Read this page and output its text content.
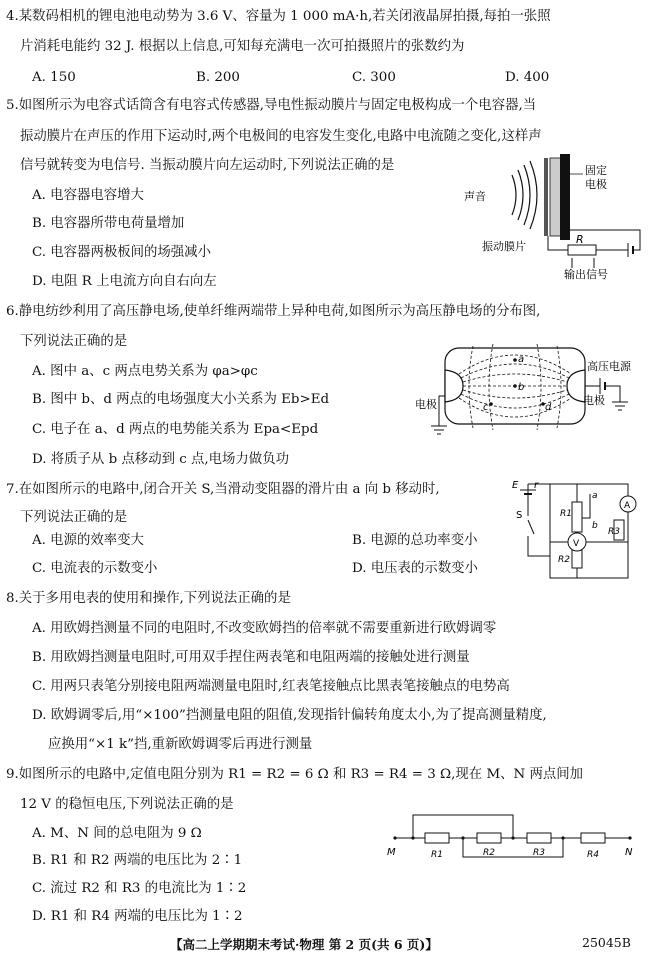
4.某数码相机的锂电池电动势为 3.6 V、容量为 1 000 mA·h,若关闭液晶屏拍摄,每拍一张照
片消耗电能约 32 J. 根据以上信息,可知每充满电一次可拍摄照片的张数约为
A. 150	B. 200	C. 300	D. 400
5.如图所示为电容式话筒含有电容式传感器,导电性振动膜片与固定电极构成一个电容器,当
振动膜片在声压的作用下运动时,两个电极间的电容发生变化,电路中电流随之变化,这样声
信号就转变为电信号. 当振动膜片向左运动时,下列说法正确的是
A. 电容器电容增大
B. 电容器所带电荷量增加
C. 电容器两极板间的场强减小
D. 电阻 R 上电流方向自右向左
声音
固定
电极
R
振动膜片
输出信号
6.静电纺纱利用了高压静电场,使单纤维两端带上异种电荷,如图所示为高压静电场的分布图,
下列说法正确的是
A. 图中 a、c 两点电势关系为 φa>φc
B. 图中 b、d 两点的电场强度大小关系为 Eb>Ed
C. 电子在 a、d 两点的电势能关系为 Epa<Epd
D. 将质子从 b 点移动到 c 点,电场力做负功
a
b
c	d
电极	电极
高压电源
7.在如图所示的电路中,闭合开关 S,当滑动变阻器的滑片由 a 向 b 移动时,
下列说法正确的是
A. 电源的效率变大	B. 电源的总功率变小
C. 电流表的示数变小	D. 电压表的示数变小
E r
S	R1
a
b
A
V
R2
R3
8.关于多用电表的使用和操作,下列说法正确的是
A. 用欧姆挡测量不同的电阻时,不改变欧姆挡的倍率就不需要重新进行欧姆调零
B. 用欧姆挡测量电阻时,可用双手捏住两表笔和电阻两端的接触处进行测量
C. 用两只表笔分别接电阻两端测量电阻时,红表笔接触点比黑表笔接触点的电势高
D. 欧姆调零后,用“×100”挡测量电阻的阻值,发现指针偏转角度太小,为了提高测量精度,
应换用“×1 k”挡,重新欧姆调零后再进行测量
9.如图所示的电路中,定值电阻分别为 R1 = R2 = 6 Ω 和 R3 = R4 = 3 Ω,现在 M、N 两点间加
12 V 的稳恒电压,下列说法正确的是
A. M、N 间的总电阻为 9 Ω
B. R1 和 R2 两端的电压比为 2∶1
C. 流过 R2 和 R3 的电流比为 1∶2
D. R1 和 R4 两端的电压比为 1∶2
M	N
R1	R2	R3	R4
【高二上学期期末考试·物理 第 2 页(共 6 页)】	25045B
